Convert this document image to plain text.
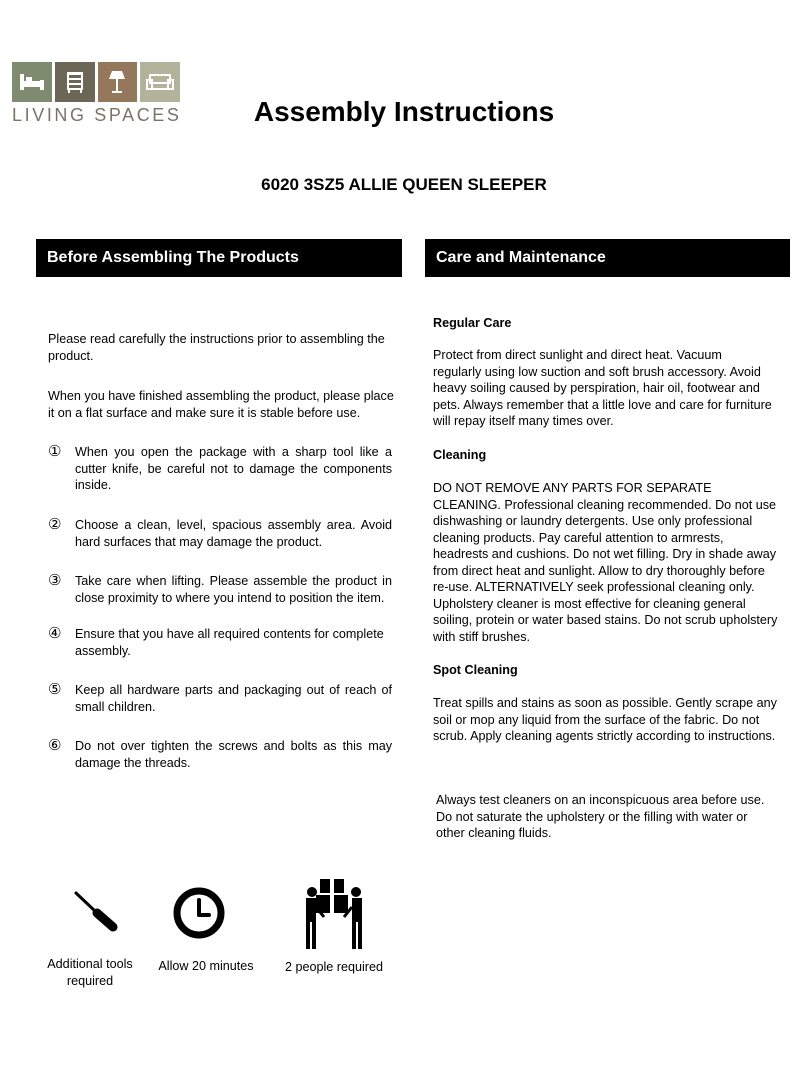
LIVING SPACES	Assembly Instructions
6020 3SZ5 ALLIE QUEEN SLEEPER
Before Assembling The Products	Care and Maintenance
Please read carefully the instructions prior to assembling the product.
When you have finished assembling the product, please place it on a flat surface and make sure it is stable before use.
①	When you open the package with a sharp tool like a cutter knife, be careful not to damage the components inside.
②	Choose a clean, level, spacious assembly area. Avoid hard surfaces that may damage the product.
③	Take care when lifting. Please assemble the product in close proximity to where you intend to position the item.
④	Ensure that you have all required contents for complete assembly.
⑤	Keep all hardware parts and packaging out of reach of small children.
⑥	Do not over tighten the screws and bolts as this may damage the threads.
Regular Care
Protect from direct sunlight and direct heat. Vacuum regularly using low suction and soft brush accessory. Avoid heavy soiling caused by perspiration, hair oil, footwear and pets. Always remember that a little love and care for furniture will repay itself many times over.
Cleaning
DO NOT REMOVE ANY PARTS FOR SEPARATE CLEANING. Professional cleaning recommended. Do not use dishwashing or laundry detergents. Use only professional cleaning products. Pay careful attention to armrests, headrests and cushions. Do not wet filling. Dry in shade away from direct heat and sunlight. Allow to dry thoroughly before re-use. ALTERNATIVELY seek professional cleaning only. Upholstery cleaner is most effective for cleaning general soiling, protein or water based stains. Do not scrub upholstery with stiff brushes.
Spot Cleaning
Treat spills and stains as soon as possible. Gently scrape any soil or mop any liquid from the surface of the fabric. Do not scrub. Apply cleaning agents strictly according to instructions.
Always test cleaners on an inconspicuous area before use. Do not saturate the upholstery or the filling with water or other cleaning fluids.
Additional tools required
Allow 20 minutes	2 people required
